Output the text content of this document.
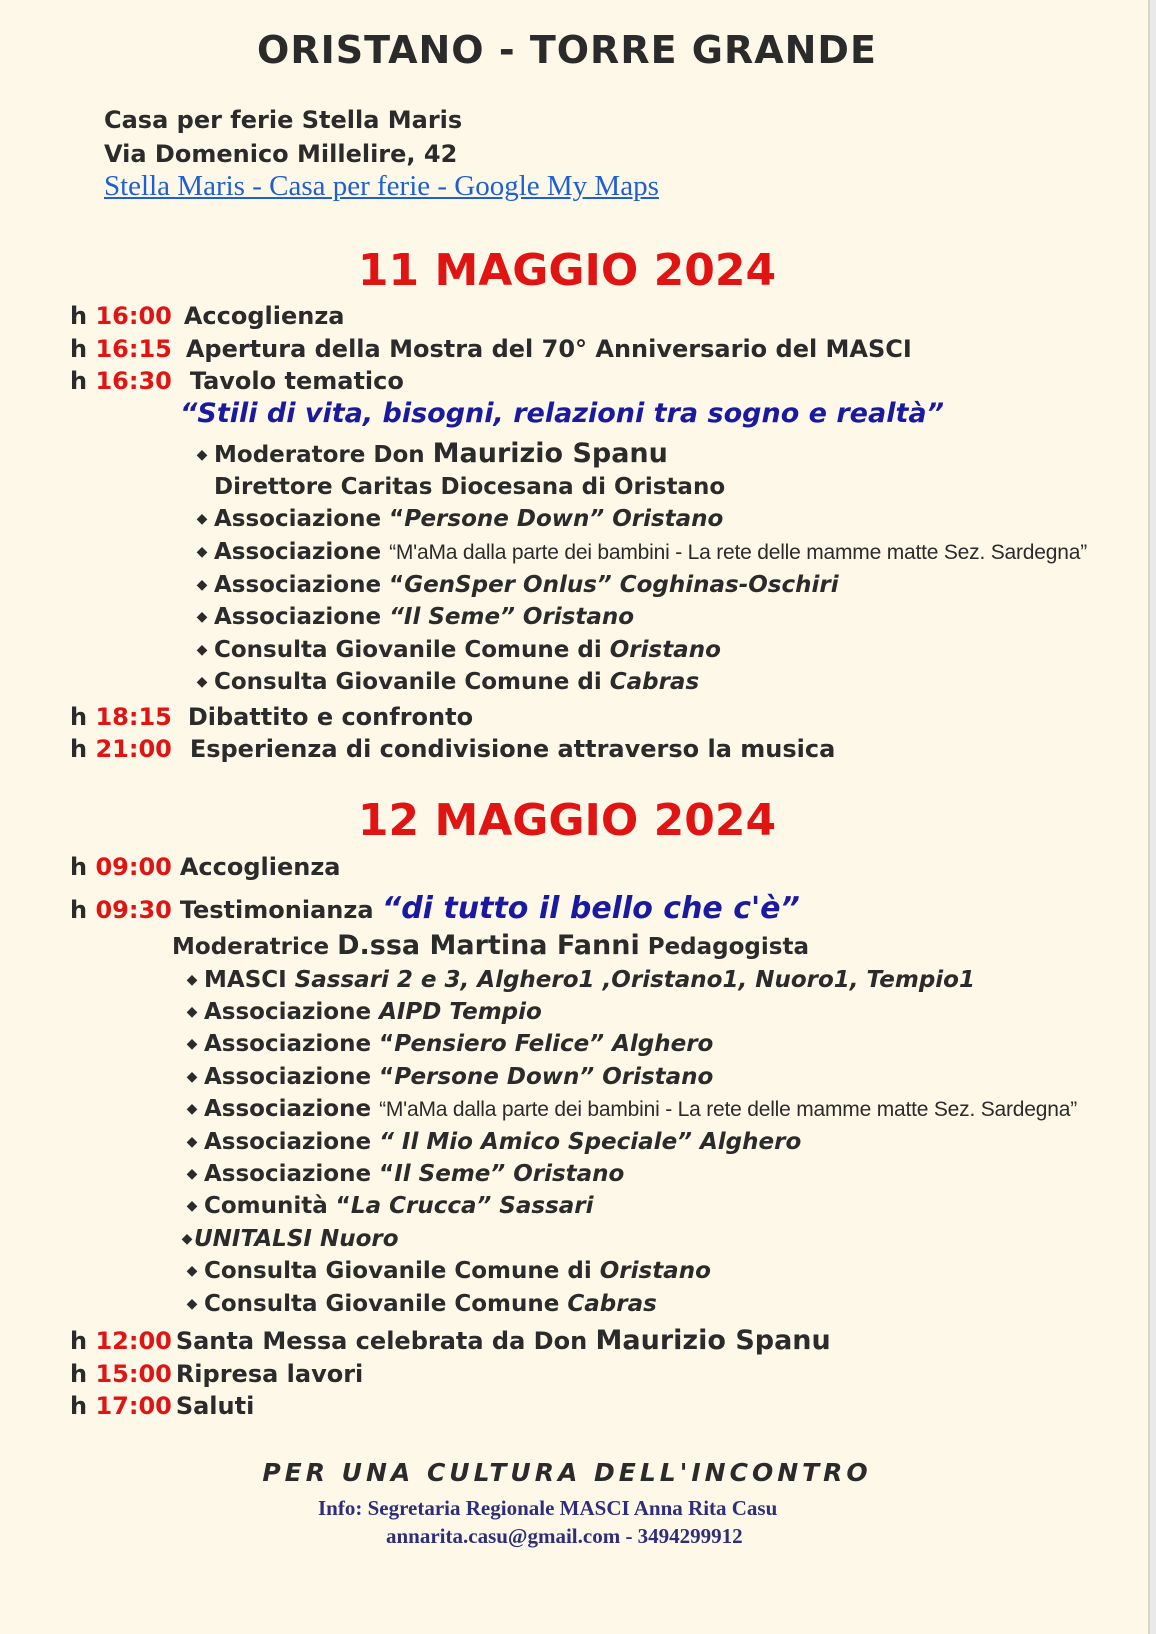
ORISTANO - TORRE GRANDE
Casa per ferie Stella Maris
Via Domenico Millelire, 42
Stella Maris - Casa per ferie - Google My Maps
11 MAGGIO 2024
h 16:00 Accoglienza
h 16:15 Apertura della Mostra del 70° Anniversario del MASCI
h 16:30 Tavolo tematico
“Stili di vita, bisogni, relazioni tra sogno e realtà”
◆ Moderatore Don Maurizio Spanu
Direttore Caritas Diocesana di Oristano
◆ Associazione “Persone Down” Oristano
◆ Associazione “M'aMa dalla parte dei bambini - La rete delle mamme matte Sez. Sardegna”
◆ Associazione “GenSper Onlus” Coghinas-Oschiri
◆ Associazione “Il Seme” Oristano
◆ Consulta Giovanile Comune di Oristano
◆ Consulta Giovanile Comune di Cabras
h 18:15 Dibattito e confronto
h 21:00 Esperienza di condivisione attraverso la musica
12 MAGGIO 2024
h 09:00 Accoglienza
h 09:30 Testimonianza “di tutto il bello che c'è”
Moderatrice D.ssa Martina Fanni Pedagogista
◆ MASCI Sassari 2 e 3, Alghero1 ,Oristano1, Nuoro1, Tempio1
◆ Associazione AIPD Tempio
◆ Associazione “Pensiero Felice” Alghero
◆ Associazione “Persone Down” Oristano
◆ Associazione “M'aMa dalla parte dei bambini - La rete delle mamme matte Sez. Sardegna”
◆ Associazione “ Il Mio Amico Speciale” Alghero
◆ Associazione “Il Seme” Oristano
◆ Comunità “La Crucca” Sassari
◆UNITALSI Nuoro
◆ Consulta Giovanile Comune di Oristano
◆ Consulta Giovanile Comune Cabras
h 12:00 Santa Messa celebrata da Don Maurizio Spanu
h 15:00 Ripresa lavori
h 17:00 Saluti
PER UNA CULTURA DELL'INCONTRO
Info: Segretaria Regionale MASCI Anna Rita Casu
annarita.casu@gmail.com - 3494299912
